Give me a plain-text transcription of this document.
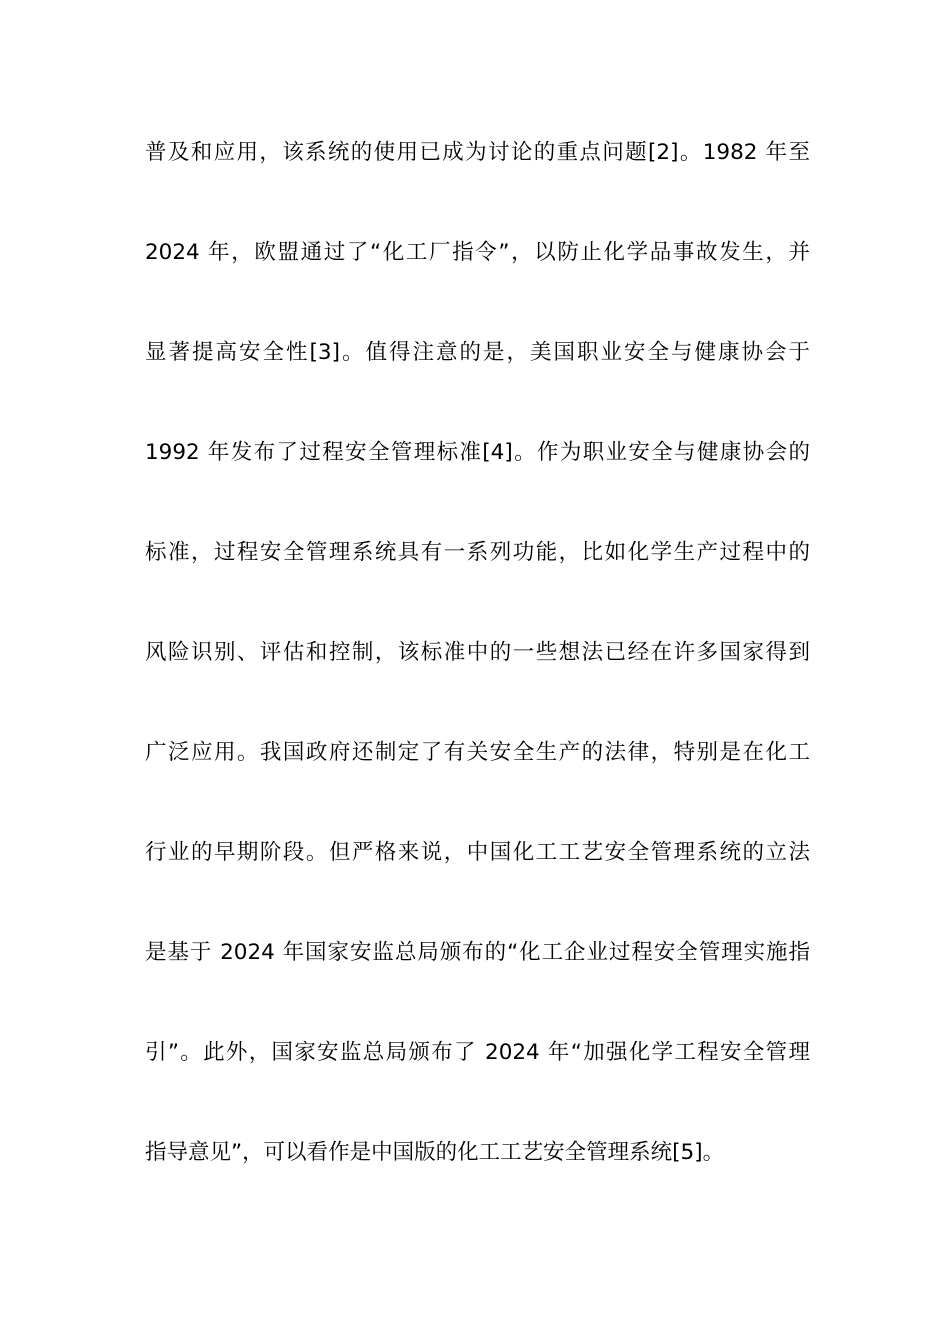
普及和应用，该系统的使用已成为讨论的重点问题[2]。1982 年至
2024 年，欧盟通过了“化工厂指令”，以防止化学品事故发生，并
显著提高安全性[3]。值得注意的是，美国职业安全与健康协会于
1992 年发布了过程安全管理标准[4]。作为职业安全与健康协会的
标准，过程安全管理系统具有一系列功能，比如化学生产过程中的
风险识别、评估和控制，该标准中的一些想法已经在许多国家得到
广泛应用。我国政府还制定了有关安全生产的法律，特别是在化工
行业的早期阶段。但严格来说，中国化工工艺安全管理系统的立法
是基于 2024 年国家安监总局颁布的“化工企业过程安全管理实施指
引”。此外，国家安监总局颁布了 2024 年“加强化学工程安全管理
指导意见”，可以看作是中国版的化工工艺安全管理系统[5]。
